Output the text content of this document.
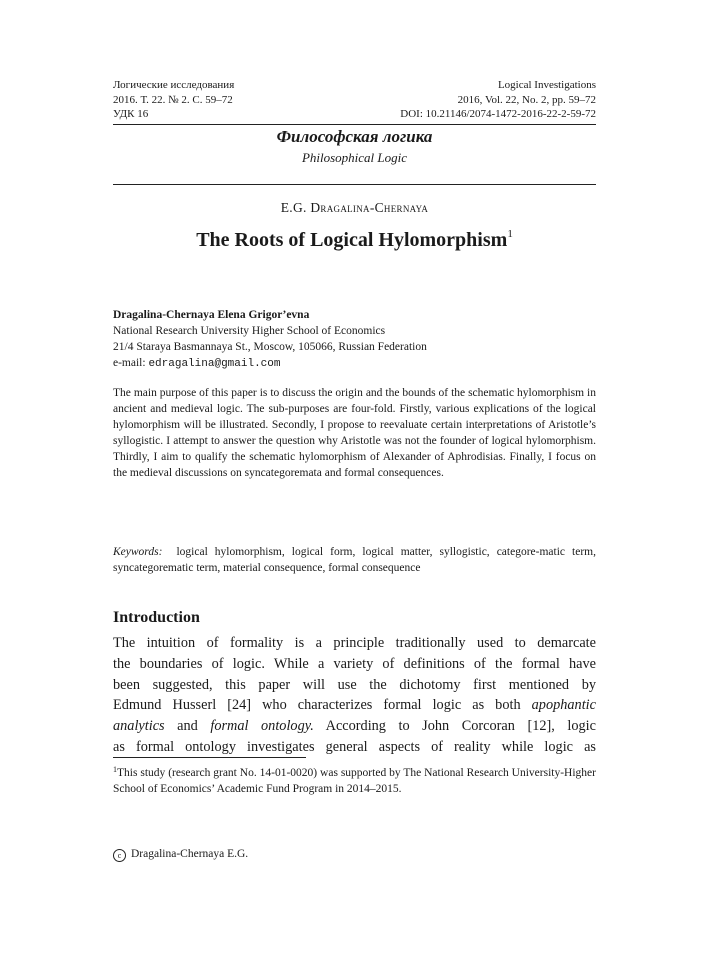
Логические исследования
2016. Т. 22. № 2. С. 59–72
УДК 16
Logical Investigations
2016, Vol. 22, No. 2, pp. 59–72
DOI: 10.21146/2074-1472-2016-22-2-59-72
Философская логика
Philosophical Logic
E.G. Dragalina-Chernaya
The Roots of Logical Hylomorphism$^1$
Dragalina-Chernaya Elena Grigor’evna
National Research University Higher School of Economics
21/4 Staraya Basmannaya St., Moscow, 105066, Russian Federation
e-mail: edragalina@gmail.com
The main purpose of this paper is to discuss the origin and the bounds of the schematic hylomorphism in ancient and medieval logic. The sub-purposes are four-fold. Firstly, various explications of the logical hylomorphism will be illustrated. Secondly, I propose to reevaluate certain interpretations of Aristotle’s syllogistic. I attempt to answer the question why Aristotle was not the founder of logical hylomorphism. Thirdly, I aim to qualify the schematic hylomorphism of Alexander of Aphrodisias. Finally, I focus on the medieval discussions on syncategoremata and formal consequences.
Keywords: logical hylomorphism, logical form, logical matter, syllogistic, categore-matic term, syncategorematic term, material consequence, formal consequence
Introduction
The intuition of formality is a principle traditionally used to demarcate
the boundaries of logic. While a variety of definitions of the formal have
been suggested, this paper will use the dichotomy first mentioned by
Edmund Husserl [24] who characterizes formal logic as both apophantic
analytics and formal ontology. According to John Corcoran [12], logic
as formal ontology investigates general aspects of reality while logic as
$^1$This study (research grant No. 14-01-0020) was supported by The National Research University-Higher School of Economics’ Academic Fund Program in 2014–2015.
c Dragalina-Chernaya E.G.
